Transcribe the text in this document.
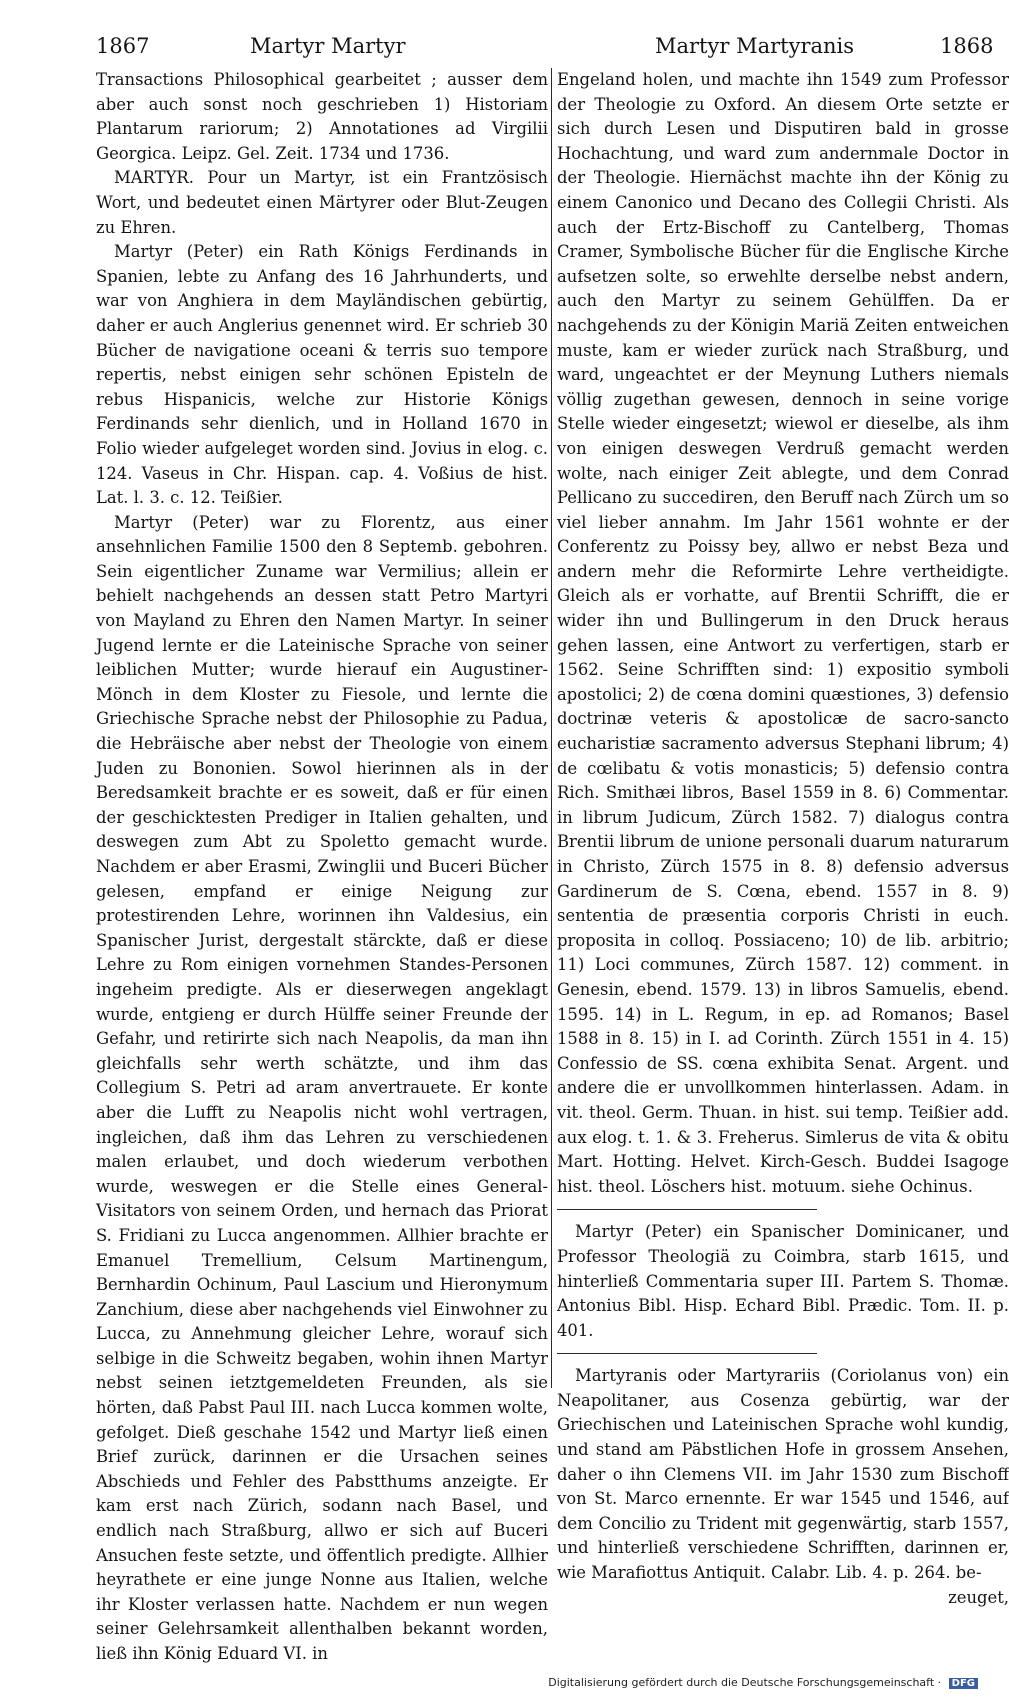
1867	Martyr Martyr	Martyr Martyranis	1868

Transactions Philosophical gearbeitet ; ausser dem aber auch sonst noch geschrieben 1) Historiam Plantarum rariorum; 2) Annotationes ad Virgilii Georgica. Leipz. Gel. Zeit. 1734 und 1736.

MARTYR. Pour un Martyr, ist ein Frantzösisch Wort, und bedeutet einen Märtyrer oder Blut-Zeugen zu Ehren.

Martyr (Peter) ein Rath Königs Ferdinands in Spanien, lebte zu Anfang des 16 Jahrhunderts, und war von Anghiera in dem Mayländischen gebürtig, daher er auch Anglerius genennet wird. Er schrieb 30 Bücher de navigatione oceani & terris suo tempore repertis, nebst einigen sehr schönen Episteln de rebus Hispanicis, welche zur Historie Königs Ferdinands sehr dienlich, und in Holland 1670 in Folio wieder aufgeleget worden sind. Jovius in elog. c. 124. Vaseus in Chr. Hispan. cap. 4. Voßius de hist. Lat. l. 3. c. 12. Teißier.

Martyr (Peter) war zu Florentz, aus einer ansehnlichen Familie 1500 den 8 Septemb. gebohren. Sein eigentlicher Zuname war Vermilius; allein er behielt nachgehends an dessen statt Petro Martyri von Mayland zu Ehren den Namen Martyr. In seiner Jugend lernte er die Lateinische Sprache von seiner leiblichen Mutter; wurde hierauf ein Augustiner-Mönch in dem Kloster zu Fiesole, und lernte die Griechische Sprache nebst der Philosophie zu Padua, die Hebräische aber nebst der Theologie von einem Juden zu Bononien. Sowol hierinnen als in der Beredsamkeit brachte er es soweit, daß er für einen der geschicktesten Prediger in Italien gehalten, und deswegen zum Abt zu Spoletto gemacht wurde. Nachdem er aber Erasmi, Zwinglii und Buceri Bücher gelesen, empfand er einige Neigung zur protestirenden Lehre, worinnen ihn Valdesius, ein Spanischer Jurist, dergestalt stärckte, daß er diese Lehre zu Rom einigen vornehmen Standes-Personen ingeheim predigte. Als er dieserwegen angeklagt wurde, entgieng er durch Hülffe seiner Freunde der Gefahr, und retirirte sich nach Neapolis, da man ihn gleichfalls sehr werth schätzte, und ihm das Collegium S. Petri ad aram anvertrauete. Er konte aber die Lufft zu Neapolis nicht wohl vertragen, ingleichen, daß ihm das Lehren zu verschiedenen malen erlaubet, und doch wiederum verbothen wurde, weswegen er die Stelle eines General-Visitators von seinem Orden, und hernach das Priorat S. Fridiani zu Lucca angenommen. Allhier brachte er Emanuel Tremellium, Celsum Martinengum, Bernhardin Ochinum, Paul Lascium und Hieronymum Zanchium, diese aber nachgehends viel Einwohner zu Lucca, zu Annehmung gleicher Lehre, worauf sich selbige in die Schweitz begaben, wohin ihnen Martyr nebst seinen ietztgemeldeten Freunden, als sie hörten, daß Pabst Paul III. nach Lucca kommen wolte, gefolget. Dieß geschahe 1542 und Martyr ließ einen Brief zurück, darinnen er die Ursachen seines Abschieds und Fehler des Pabstthums anzeigte. Er kam erst nach Zürich, sodann nach Basel, und endlich nach Straßburg, allwo er sich auf Buceri Ansuchen feste setzte, und öffentlich predigte. Allhier heyrathete er eine junge Nonne aus Italien, welche ihr Kloster verlassen hatte. Nachdem er nun wegen seiner Gelehrsamkeit allenthalben bekannt worden, ließ ihn König Eduard VI. in

Engeland holen, und machte ihn 1549 zum Professor der Theologie zu Oxford. An diesem Orte setzte er sich durch Lesen und Disputiren bald in grosse Hochachtung, und ward zum andernmale Doctor in der Theologie. Hiernächst machte ihn der König zu einem Canonico und Decano des Collegii Christi. Als auch der Ertz-Bischoff zu Cantelberg, Thomas Cramer, Symbolische Bücher für die Englische Kirche aufsetzen solte, so erwehlte derselbe nebst andern, auch den Martyr zu seinem Gehülffen. Da er nachgehends zu der Königin Mariä Zeiten entweichen muste, kam er wieder zurück nach Straßburg, und ward, ungeachtet er der Meynung Luthers niemals völlig zugethan gewesen, dennoch in seine vorige Stelle wieder eingesetzt; wiewol er dieselbe, als ihm von einigen deswegen Verdruß gemacht werden wolte, nach einiger Zeit ablegte, und dem Conrad Pellicano zu succediren, den Beruff nach Zürch um so viel lieber annahm. Im Jahr 1561 wohnte er der Conferentz zu Poissy bey, allwo er nebst Beza und andern mehr die Reformirte Lehre vertheidigte. Gleich als er vorhatte, auf Brentii Schrifft, die er wider ihn und Bullingerum in den Druck heraus gehen lassen, eine Antwort zu verfertigen, starb er 1562. Seine Schrifften sind: 1) expositio symboli apostolici; 2) de cœna domini quæstiones, 3) defensio doctrinæ veteris & apostolicæ de sacro-sancto eucharistiæ sacramento adversus Stephani librum; 4) de cœlibatu & votis monasticis; 5) defensio contra Rich. Smithæi libros, Basel 1559 in 8. 6) Commentar. in librum Judicum, Zürch 1582. 7) dialogus contra Brentii librum de unione personali duarum naturarum in Christo, Zürch 1575 in 8. 8) defensio adversus Gardinerum de S. Cœna, ebend. 1557 in 8. 9) sententia de præsentia corporis Christi in euch. proposita in colloq. Possiaceno; 10) de lib. arbitrio; 11) Loci communes, Zürch 1587. 12) comment. in Genesin, ebend. 1579. 13) in libros Samuelis, ebend. 1595. 14) in L. Regum, in ep. ad Romanos; Basel 1588 in 8. 15) in I. ad Corinth. Zürch 1551 in 4. 15) Confessio de SS. cœna exhibita Senat. Argent. und andere die er unvollkommen hinterlassen. Adam. in vit. theol. Germ. Thuan. in hist. sui temp. Teißier add. aux elog. t. 1. & 3. Freherus. Simlerus de vita & obitu Mart. Hotting. Helvet. Kirch-Gesch. Buddei Isagoge hist. theol. Löschers hist. motuum. siehe Ochinus.

Martyr (Peter) ein Spanischer Dominicaner, und Professor Theologiä zu Coimbra, starb 1615, und hinterließ Commentaria super III. Partem S. Thomæ. Antonius Bibl. Hisp. Echard Bibl. Prædic. Tom. II. p. 401.

Martyranis oder Martyrariis (Coriolanus von) ein Neapolitaner, aus Cosenza gebürtig, war der Griechischen und Lateinischen Sprache wohl kundig, und stand am Päbstlichen Hofe in grossem Ansehen, daher o ihn Clemens VII. im Jahr 1530 zum Bischoff von St. Marco ernennte. Er war 1545 und 1546, auf dem Concilio zu Trident mit gegenwärtig, starb 1557, und hinterließ verschiedene Schrifften, darinnen er, wie Marafiottus Antiquit. Calabr. Lib. 4. p. 264. be-

zeuget,
Digitalisierung gefördert durch die Deutsche Forschungsgemeinschaft · DFG
